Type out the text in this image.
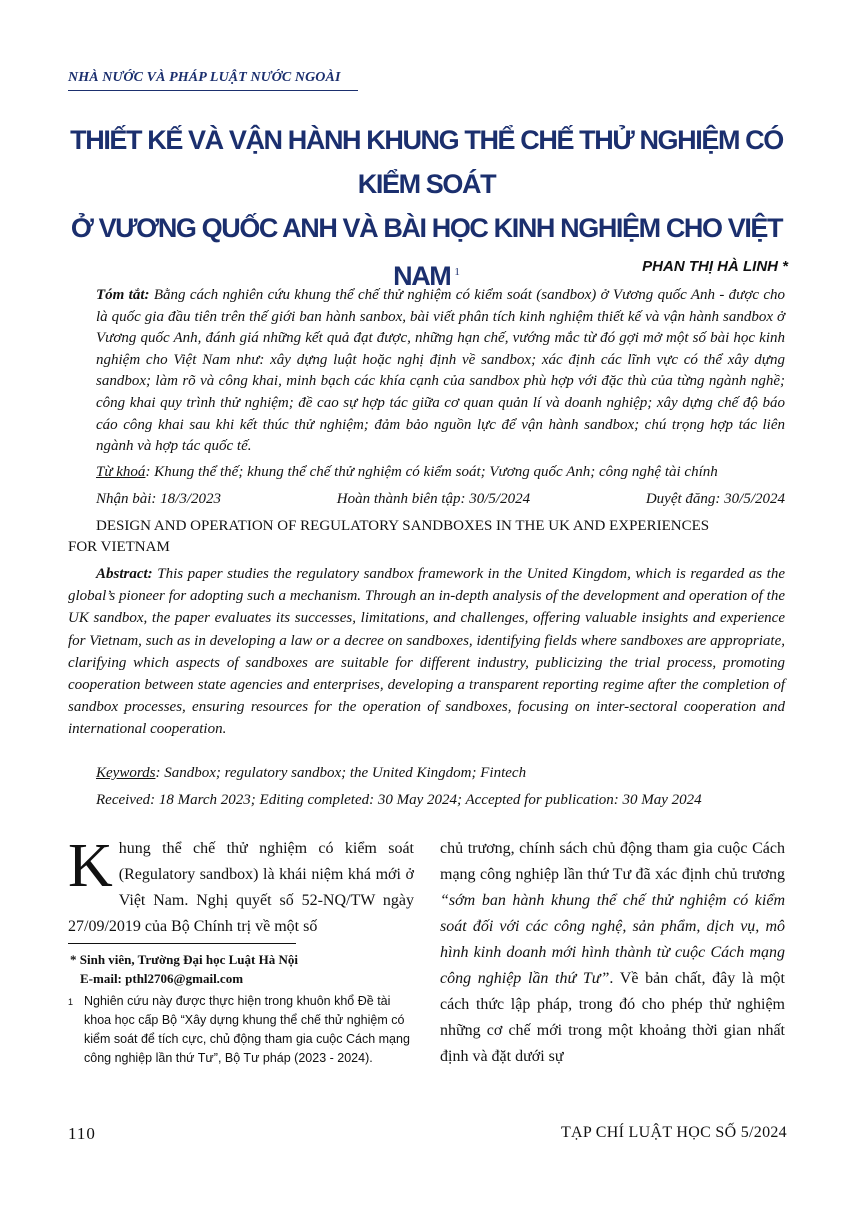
NHÀ NƯỚC VÀ PHÁP LUẬT NƯỚC NGOÀI
THIẾT KẾ VÀ VẬN HÀNH KHUNG THỂ CHẾ THỬ NGHIỆM CÓ KIỂM SOÁT
Ở VƯƠNG QUỐC ANH VÀ BÀI HỌC KINH NGHIỆM CHO VIỆT NAM $^1$	PHAN THỊ HÀ LINH *

Tóm tắt: Bằng cách nghiên cứu khung thể chế thử nghiệm có kiểm soát (sandbox) ở Vương quốc Anh - được cho là quốc gia đầu tiên trên thế giới ban hành sanbox, bài viết phân tích kinh nghiệm thiết kế và vận hành sandbox ở Vương quốc Anh, đánh giá những kết quả đạt được, những hạn chế, vướng mắc từ đó gợi mở một số bài học kinh nghiệm cho Việt Nam như: xây dựng luật hoặc nghị định về sandbox; xác định các lĩnh vực có thể xây dựng sandbox; làm rõ và công khai, minh bạch các khía cạnh của sandbox phù hợp với đặc thù của từng ngành nghề; công khai quy trình thử nghiệm; đề cao sự hợp tác giữa cơ quan quản lí và doanh nghiệp; xây dựng chế độ báo cáo công khai sau khi kết thúc thử nghiệm; đảm bảo nguồn lực để vận hành sandbox; chú trọng hợp tác liên ngành và hợp tác quốc tế.

Từ khoá: Khung thể thế; khung thể chế thử nghiệm có kiểm soát; Vương quốc Anh; công nghệ tài chính
Nhận bài: 18/3/2023	Hoàn thành biên tập: 30/5/2024	Duyệt đăng: 30/5/2024
DESIGN AND OPERATION OF REGULATORY SANDBOXES IN THE UK AND EXPERIENCES
FOR VIETNAM
Abstract: This paper studies the regulatory sandbox framework in the United Kingdom, which is regarded as the global’s pioneer for adopting such a mechanism. Through an in-depth analysis of the development and operation of the UK sandbox, the paper evaluates its successes, limitations, and challenges, offering valuable insights and experience for Vietnam, such as in developing a law or a decree on sandboxes, identifying fields where sandboxes are appropriate, clarifying which aspects of sandboxes are suitable for different industry, publicizing the trial process, promoting cooperation between state agencies and enterprises, developing a transparent reporting regime after the completion of sandbox processes, ensuring resources for the operation of sandboxes, focusing on inter-sectoral cooperation and international cooperation.
Keywords: Sandbox; regulatory sandbox; the United Kingdom; Fintech
Received: 18 March 2023; Editing completed: 30 May 2024; Accepted for publication: 30 May 2024
Khung thể chế thử nghiệm có kiểm soát (Regulatory sandbox) là khái niệm khá mới ở Việt Nam. Nghị quyết số 52-NQ/TW ngày 27/09/2019 của Bộ Chính trị về một số
* Sinh viên, Trường Đại học Luật Hà Nội
E-mail: pthl2706@gmail.com
1 Nghiên cứu này được thực hiện trong khuôn khổ Đề tài khoa học cấp Bộ “Xây dựng khung thể chế thử nghiệm có kiểm soát để tích cực, chủ động tham gia cuộc Cách mạng công nghiệp lần thứ Tư”, Bộ Tư pháp (2023 - 2024).
chủ trương, chính sách chủ động tham gia cuộc Cách mạng công nghiệp lần thứ Tư đã xác định chủ trương “sớm ban hành khung thể chế thử nghiệm có kiểm soát đối với các công nghệ, sản phẩm, dịch vụ, mô hình kinh doanh mới hình thành từ cuộc Cách mạng công nghiệp lần thứ Tư”. Về bản chất, đây là một cách thức lập pháp, trong đó cho phép thử nghiệm những cơ chế mới trong một khoảng thời gian nhất định và đặt dưới sự
110	TẠP CHÍ LUẬT HỌC SỐ 5/2024
